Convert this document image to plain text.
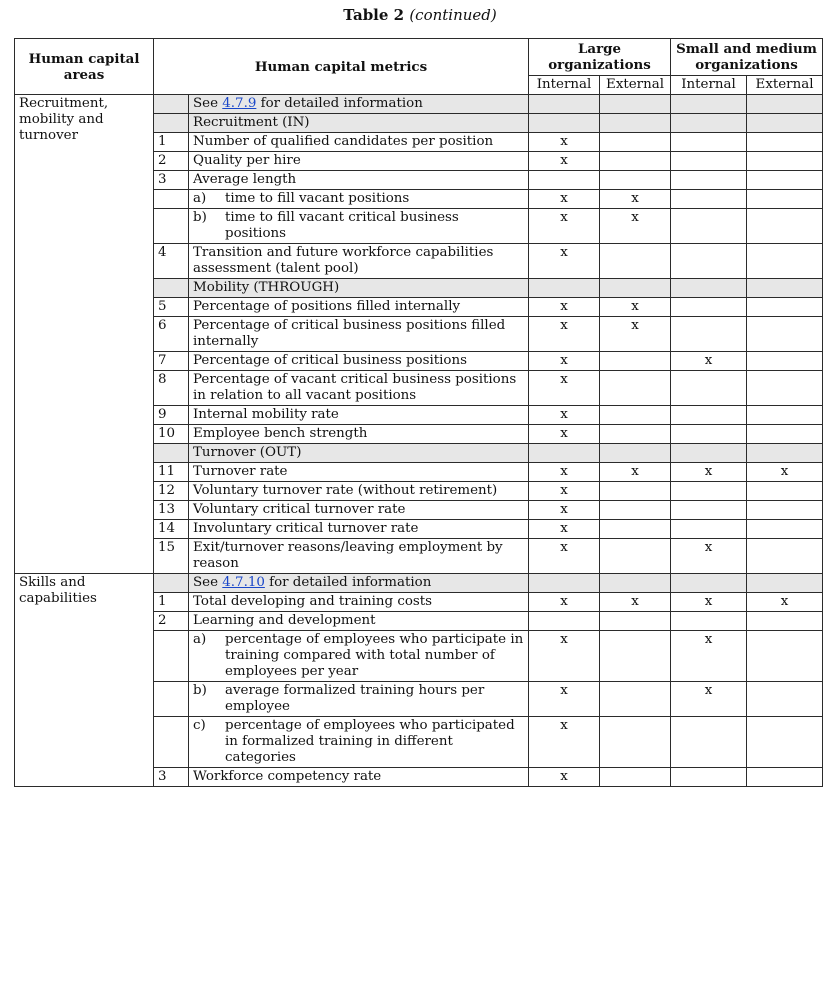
Table 2 (continued)
Human capital areas	Human capital metrics		Large organizations		Small and medium organizations	
			Internal	External	Internal	External
Recruitment, mobility and turnover		See 4.7.9 for detailed information				
		Recruitment (IN)				
	1	Number of qualified candidates per position	x			
	2	Quality per hire	x			
	3	Average length				

		a) time to fill vacant positions	x	x		

		b) time to fill vacant critical business positions	x	x		
	4	Transition and future workforce capabilities assessment (talent pool)	x			
		Mobility (THROUGH)				
	5	Percentage of positions filled internally	x	x		
	6	Percentage of critical business positions filled internally	x	x		
	7	Percentage of critical business positions	x		x	
	8	Percentage of vacant critical business positions in relation to all vacant positions	x			
	9	Internal mobility rate	x			
	10	Employee bench strength	x			
		Turnover (OUT)				
	11	Turnover rate	x	x	x	x
	12	Voluntary turnover rate (without retirement)	x			
	13	Voluntary critical turnover rate	x			
	14	Involuntary critical turnover rate	x			
	15	Exit/turnover reasons/leaving employment by reason	x		x	
Skills and capabilities		See 4.7.10 for detailed information				
	1	Total developing and training costs	x	x	x	x
	2	Learning and development				

		a) percentage of employees who participate in training compared with total number of employees per year	x		x	

		b) average formalized training hours per employee	x		x	

		c) percentage of employees who participated in formalized training in different categories	x			
	3	Workforce competency rate	x			
